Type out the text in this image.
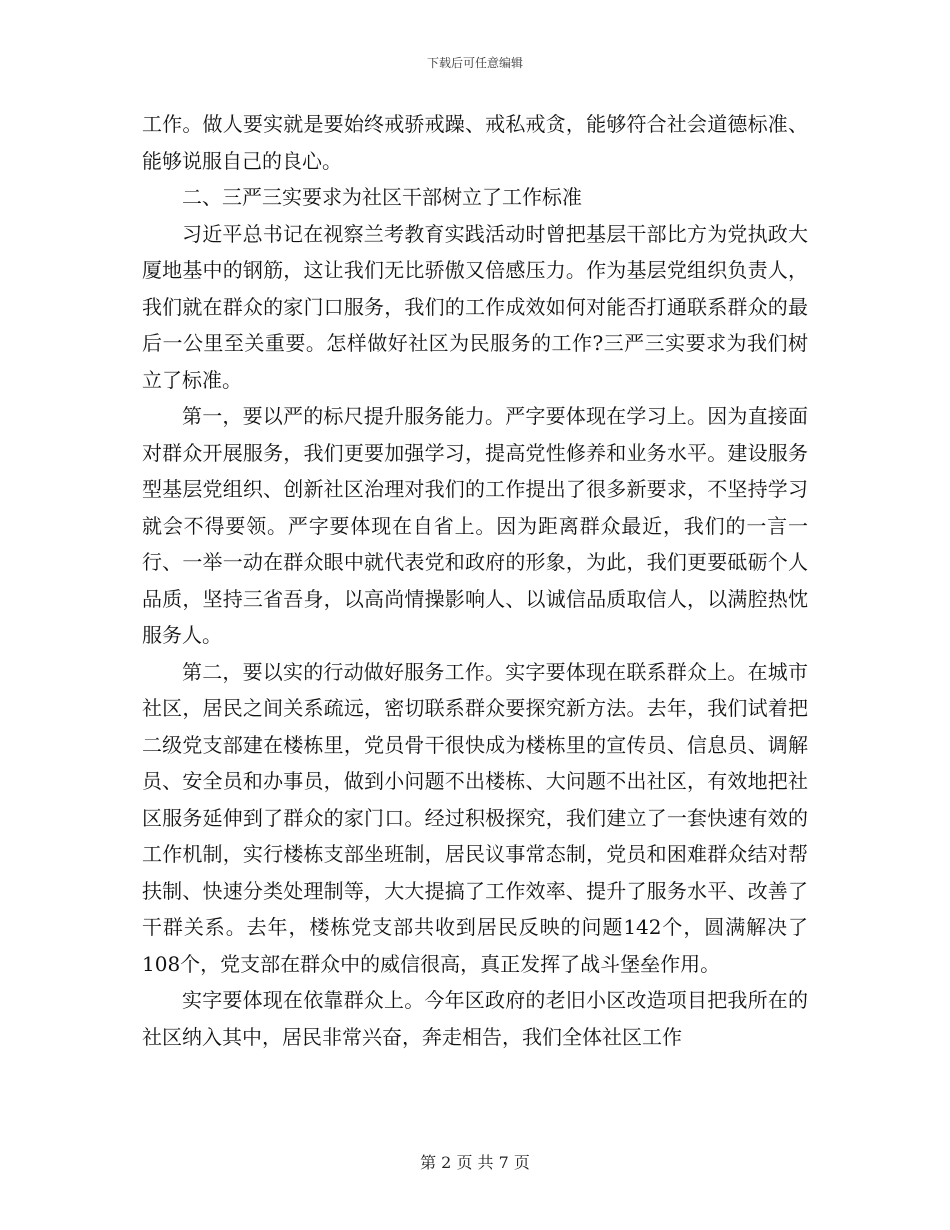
下载后可任意编辑

工作。做人要实就是要始终戒骄戒躁、戒私戒贪，能够符合社会道德标准、能够说服自己的良心。

二、三严三实要求为社区干部树立了工作标准

习近平总书记在视察兰考教育实践活动时曾把基层干部比方为党执政大厦地基中的钢筋，这让我们无比骄傲又倍感压力。作为基层党组织负责人，我们就在群众的家门口服务，我们的工作成效如何对能否打通联系群众的最后一公里至关重要。怎样做好社区为民服务的工作?三严三实要求为我们树立了标准。

第一，要以严的标尺提升服务能力。严字要体现在学习上。因为直接面对群众开展服务，我们更要加强学习，提高党性修养和业务水平。建设服务型基层党组织、创新社区治理对我们的工作提出了很多新要求，不坚持学习就会不得要领。严字要体现在自省上。因为距离群众最近，我们的一言一行、一举一动在群众眼中就代表党和政府的形象，为此，我们更要砥砺个人品质，坚持三省吾身，以高尚情操影响人、以诚信品质取信人，以满腔热忱服务人。

第二，要以实的行动做好服务工作。实字要体现在联系群众上。在城市社区，居民之间关系疏远，密切联系群众要探究新方法。去年，我们试着把二级党支部建在楼栋里，党员骨干很快成为楼栋里的宣传员、信息员、调解员、安全员和办事员，做到小问题不出楼栋、大问题不出社区，有效地把社区服务延伸到了群众的家门口。经过积极探究，我们建立了一套快速有效的工作机制，实行楼栋支部坐班制，居民议事常态制，党员和困难群众结对帮扶制、快速分类处理制等，大大提搞了工作效率、提升了服务水平、改善了干群关系。去年，楼栋党支部共收到居民反映的问题142个，圆满解决了108个，党支部在群众中的威信很高，真正发挥了战斗堡垒作用。

实字要体现在依靠群众上。今年区政府的老旧小区改造项目把我所在的社区纳入其中，居民非常兴奋，奔走相告，我们全体社区工作

第 2 页 共 7 页
